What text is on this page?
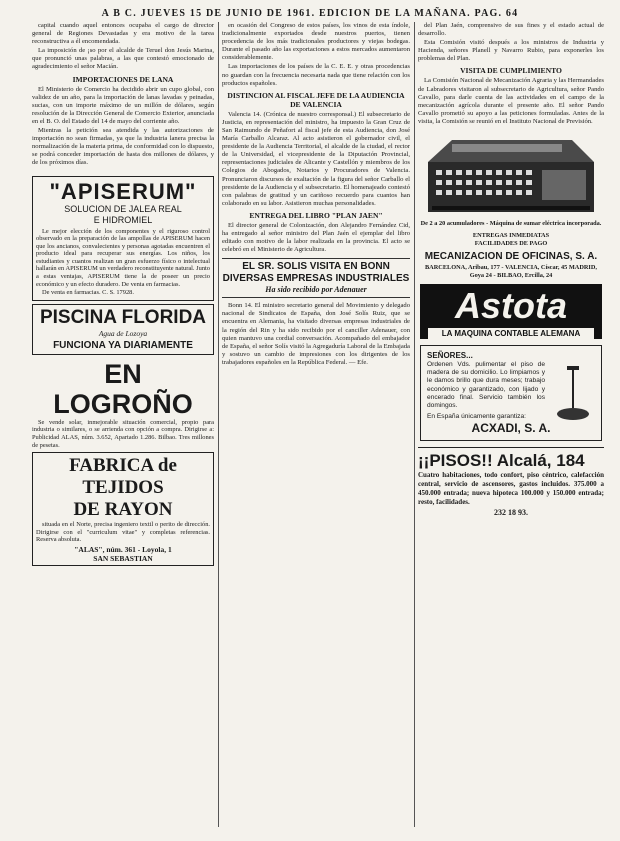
A B C. JUEVES 15 DE JUNIO DE 1961. EDICION DE LA MAÑANA. PAG. 64

capital cuando aquel entonces ocupaba el cargo de director general de Regiones Devastadas y era motivo de la tarea reconstructiva a él encomendada.

La imposición de ¡so por el alcalde de Teruel don Jesús Marina, que pronunció unas palabras, a las que contestó emocionado de agradecimiento el señor Macián.

IMPORTACIONES DE LANA

El Ministerio de Comercio ha decidido abrir un cupo global, con validez de un año, para la importación de lanas lavadas y peinadas, sucias, con un importe máximo de un millón de dólares, según resolución de la Dirección General de Comercio Exterior, anunciada en el B. O. del Estado del 14 de mayo del corriente año.

Mientras la petición sea atendida y las autorizaciones de importación no sean firmadas, ya que la industria lanera precisa la normalización de la materia prima, de conformidad con lo dispuesto, se podrá conceder importación de hasta dos millones de dólares, y de los próximos días.

"APISERUM"
SOLUCION DE JALEA REAL
E HIDROMIEL

Le mejor elección de los componentes y el riguroso control observado en la preparación de las ampollas de APISERUM hacen que los ancianos, convalecientes y personas agotadas encuentren el producto ideal para recuperar sus energías. Los niños, los estudiantes y cuantos realizan un gran esfuerzo físico o intelectual hallarán en APISERUM un verdadero reconstituyente natural. Junto a estas ventajas, APISERUM tiene la de poseer un precio económico y un efecto duradero. De venta en farmacias.

De venta en farmacias. C. S. 17928.

PISCINA FLORIDA
Agua de Lozoya
FUNCIONA YA DIARIAMENTE
EN LOGROÑO

Se vende solar, inmejorable situación comercial, propio para industria o similares, o se arrienda con opción a compra. Dirigirse a: Publicidad ALAS, núm. 3.652, Apartado 1.286. Bilbao. Tres millones de pesetas.

FABRICA de TEJIDOS
DE RAYON

situada en el Norte, precisa ingeniero textil o perito de dirección. Dirigirse con el "curriculum vitae" y completas referencias. Reserva absoluta.

"ALAS", núm. 361 - Loyola, 1
SAN SEBASTIAN

en ocasión del Congreso de estos países, los vinos de esta índole, tradicionalmente exportados desde nuestros puertos, tienen procedencia de los más tradicionales productores y viejas bodegas. Durante el pasado año las exportaciones a estos mercados aumentaron considerablemente.

Las importaciones de los países de la C. E. E. y otras procedencias no guardan con la frecuencia necesaria nada que tiene relación con los productos españoles.

DISTINCION AL FISCAL JEFE DE LA AUDIENCIA DE VALENCIA

Valencia 14. (Crónica de nuestro corresponsal.) El subsecretario de Justicia, en representación del ministro, ha impuesto la Gran Cruz de San Raimundo de Peñafort al fiscal jefe de esta Audiencia, don José María Carballo Alcaraz. Al acto asistieron el gobernador civil, el presidente de la Audiencia Territorial, el alcalde de la ciudad, el rector de la Universidad, el vicepresidente de la Diputación Provincial, representaciones judiciales de Alicante y Castellón y miembros de los Colegios de Abogados, Notarios y Procuradores de Valencia. Pronunciaron discursos de exaltación de la figura del señor Carballo el presidente de la Audiencia y el subsecretario. El homenajeado contestó con palabras de gratitud y un cariñoso recuerdo para cuantos han colaborado en su labor. Asistieron muchas personalidades.

ENTREGA DEL LIBRO "PLAN JAEN"

El director general de Colonización, don Alejandro Fernández Cid, ha entregado al señor ministro del Plan Jaén el ejemplar del libro editado con motivo de la labor realizada en la provincia. El acto se celebró en el Ministerio de Agricultura.

EL SR. SOLIS VISITA EN BONN DIVERSAS EMPRESAS INDUSTRIALES
Ha sido recibido por Adenauer

Bonn 14. El ministro secretario general del Movimiento y delegado nacional de Sindicatos de España, don José Solís Ruiz, que se encuentra en Alemania, ha visitado diversas empresas industriales de la región del Rin y ha sido recibido por el canciller Adenauer, con quien mantuvo una cordial conversación. Acompañado del embajador de España, el señor Solís visitó la Agregaduría Laboral de la Embajada y sostuvo un cambio de impresiones con los dirigentes de los trabajadores españoles en la República Federal. — Efe.

del Plan Jaén, comprensivo de sus fines y el estado actual de desarrollo.

Esta Comisión visitó después a los ministros de Industria y Hacienda, señores Planell y Navarro Rubio, para exponerles los problemas del Plan.

VISITA DE CUMPLIMIENTO

La Comisión Nacional de Mecanización Agraria y las Hermandades de Labradores visitaron al subsecretario de Agricultura, señor Pando Cavallo, para darle cuenta de las actividades en el campo de la mecanización agrícola durante el presente año. El señor Pando Cavallo prometió su apoyo a las peticiones formuladas. Antes de la visita, la Comisión se reunió en el Instituto Nacional de Previsión.

De 2 a 20 acumuladores - Máquina de sumar eléctrica incorporada.
ENTREGAS INMEDIATAS
FACILIDADES DE PAGO
MECANIZACION DE OFICINAS, S. A.
BARCELONA, Aribau, 177 - VALENCIA, Císcar, 45 MADRID, Goya 24 - BILBAO, Ercilla, 24
Astota
LA MAQUINA CONTABLE ALEMANA
SEÑORES...
Ordenen Vds. pulimentar el piso de madera de su domicilio. Lo limpiamos y le damos brillo que dura meses; trabajo económico y garantizado, con lijado y encerado final. Servicio también los domingos.
En España únicamente garantiza:
ACXADI, S. A.
¡¡PISOS!! Alcalá, 184

Cuatro habitaciones, todo confort, piso céntrico, calefacción central, servicio de ascensores, gastos incluidos. 375.000 a 450.000 entrada; nueva hipoteca 100.000 y 150.000 entrada; resto, facilidades.

232 18 93.
